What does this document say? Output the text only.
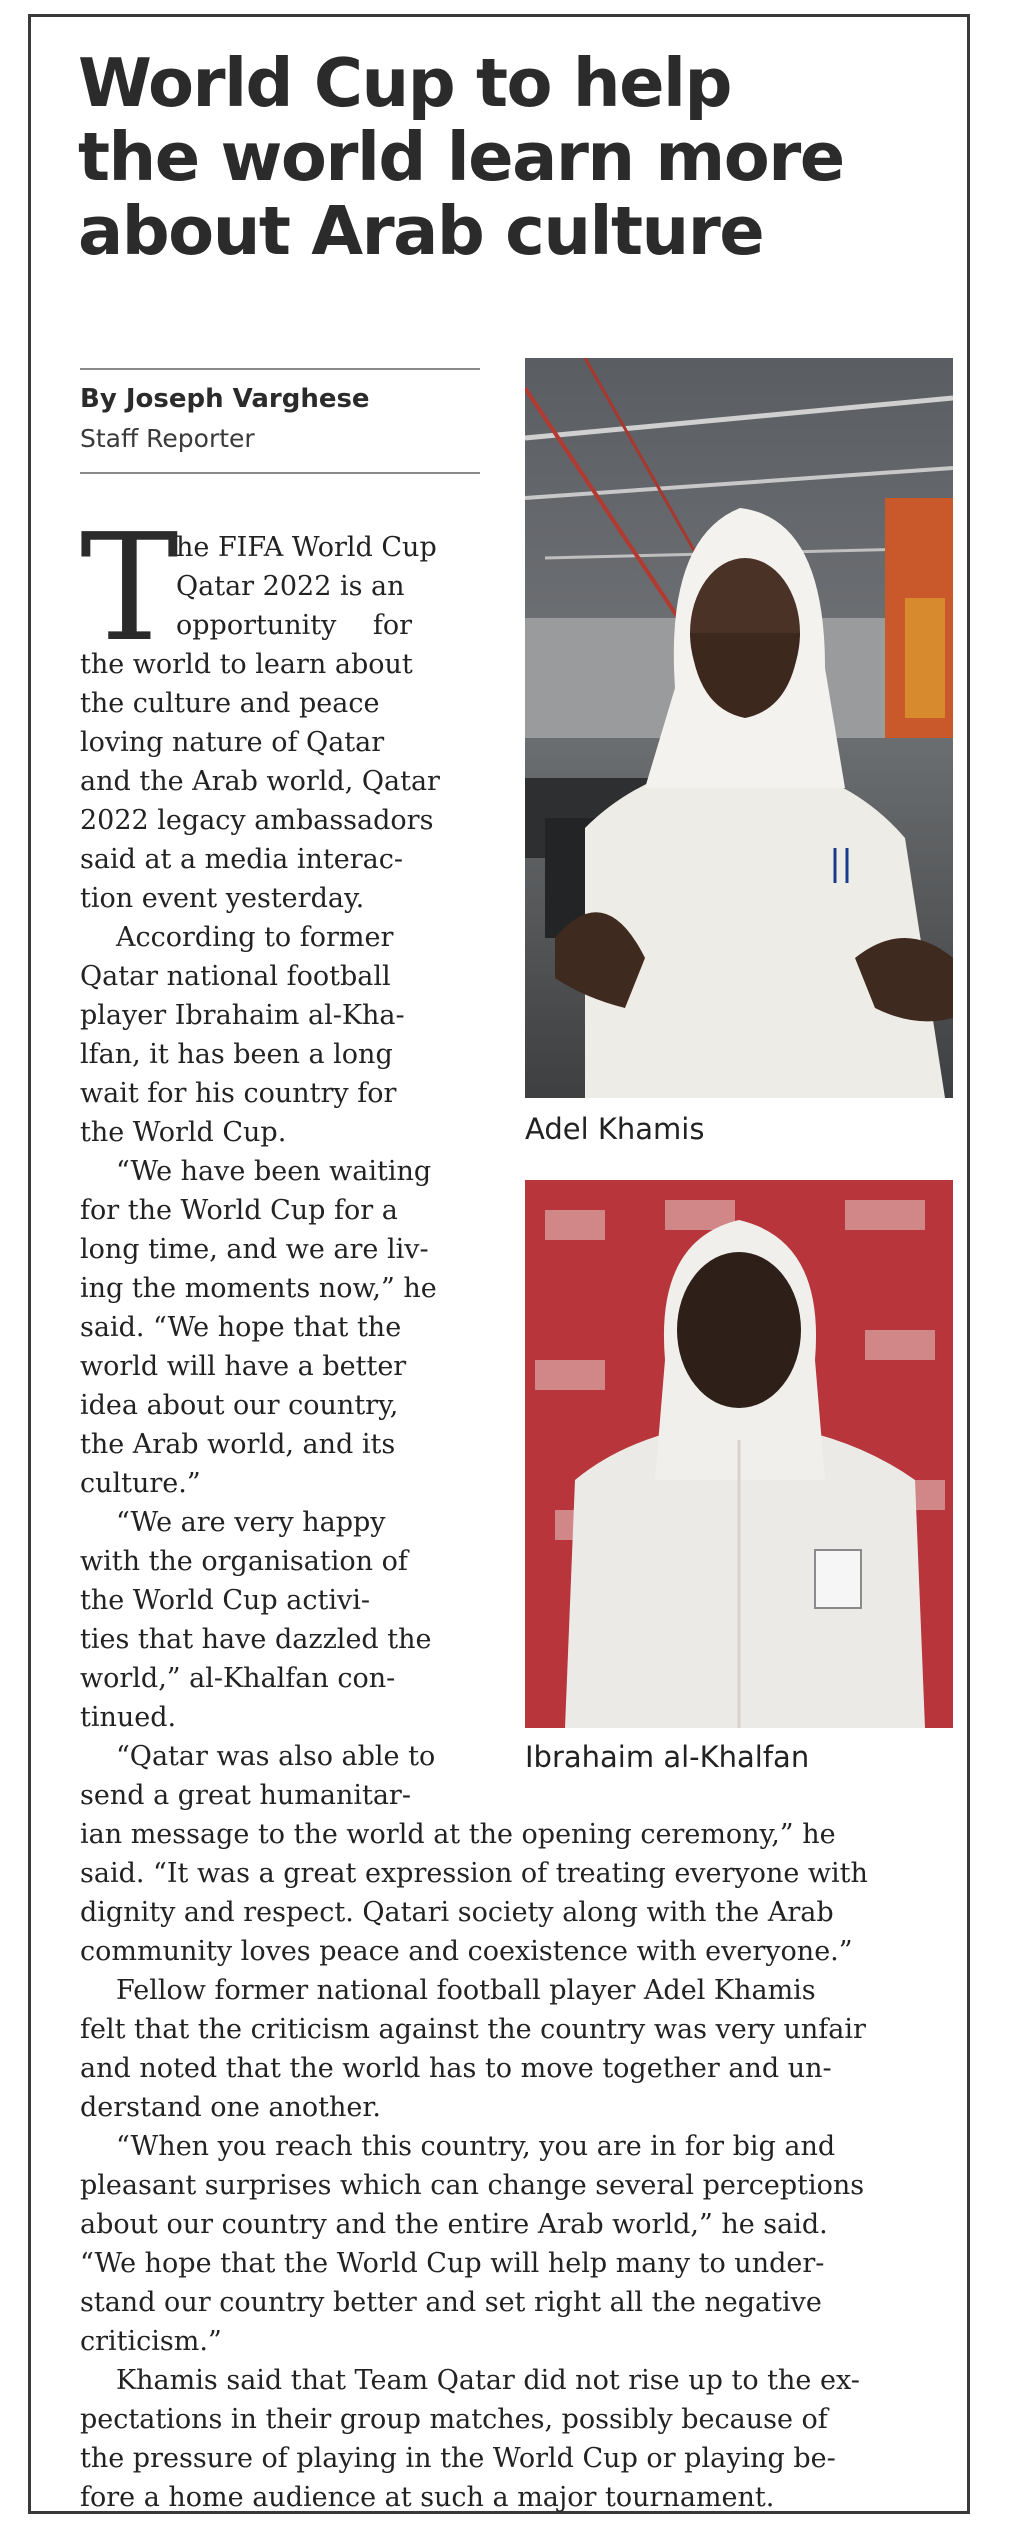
World Cup to help
the world learn more
about Arab culture
By Joseph Varghese
Staff Reporter
T
he FIFA World Cup
Qatar 2022 is an
opportunity for
the world to learn about
the culture and peace
loving nature of Qatar
and the Arab world, Qatar
2022 legacy ambassadors
said at a media interac-
tion event yesterday.
According to former
Qatar national football
player Ibrahaim al-Kha-
lfan, it has been a long
wait for his country for
the World Cup.
“We have been waiting
for the World Cup for a
long time, and we are liv-
ing the moments now,” he
said. “We hope that the
world will have a better
idea about our country,
the Arab world, and its
culture.”
“We are very happy
with the organisation of
the World Cup activi-
ties that have dazzled the
world,” al-Khalfan con-
tinued.
“Qatar was also able to
send a great humanitar-
ian message to the world at the opening ceremony,” he
said. “It was a great expression of treating everyone with
dignity and respect. Qatari society along with the Arab
community loves peace and coexistence with everyone.”
Fellow former national football player Adel Khamis
felt that the criticism against the country was very unfair
and noted that the world has to move together and un-
derstand one another.
“When you reach this country, you are in for big and
pleasant surprises which can change several perceptions
about our country and the entire Arab world,” he said.
“We hope that the World Cup will help many to under-
stand our country better and set right all the negative
criticism.”
Khamis said that Team Qatar did not rise up to the ex-
pectations in their group matches, possibly because of
the pressure of playing in the World Cup or playing be-
fore a home audience at such a major tournament.
Adel Khamis
Ibrahaim al-Khalfan
